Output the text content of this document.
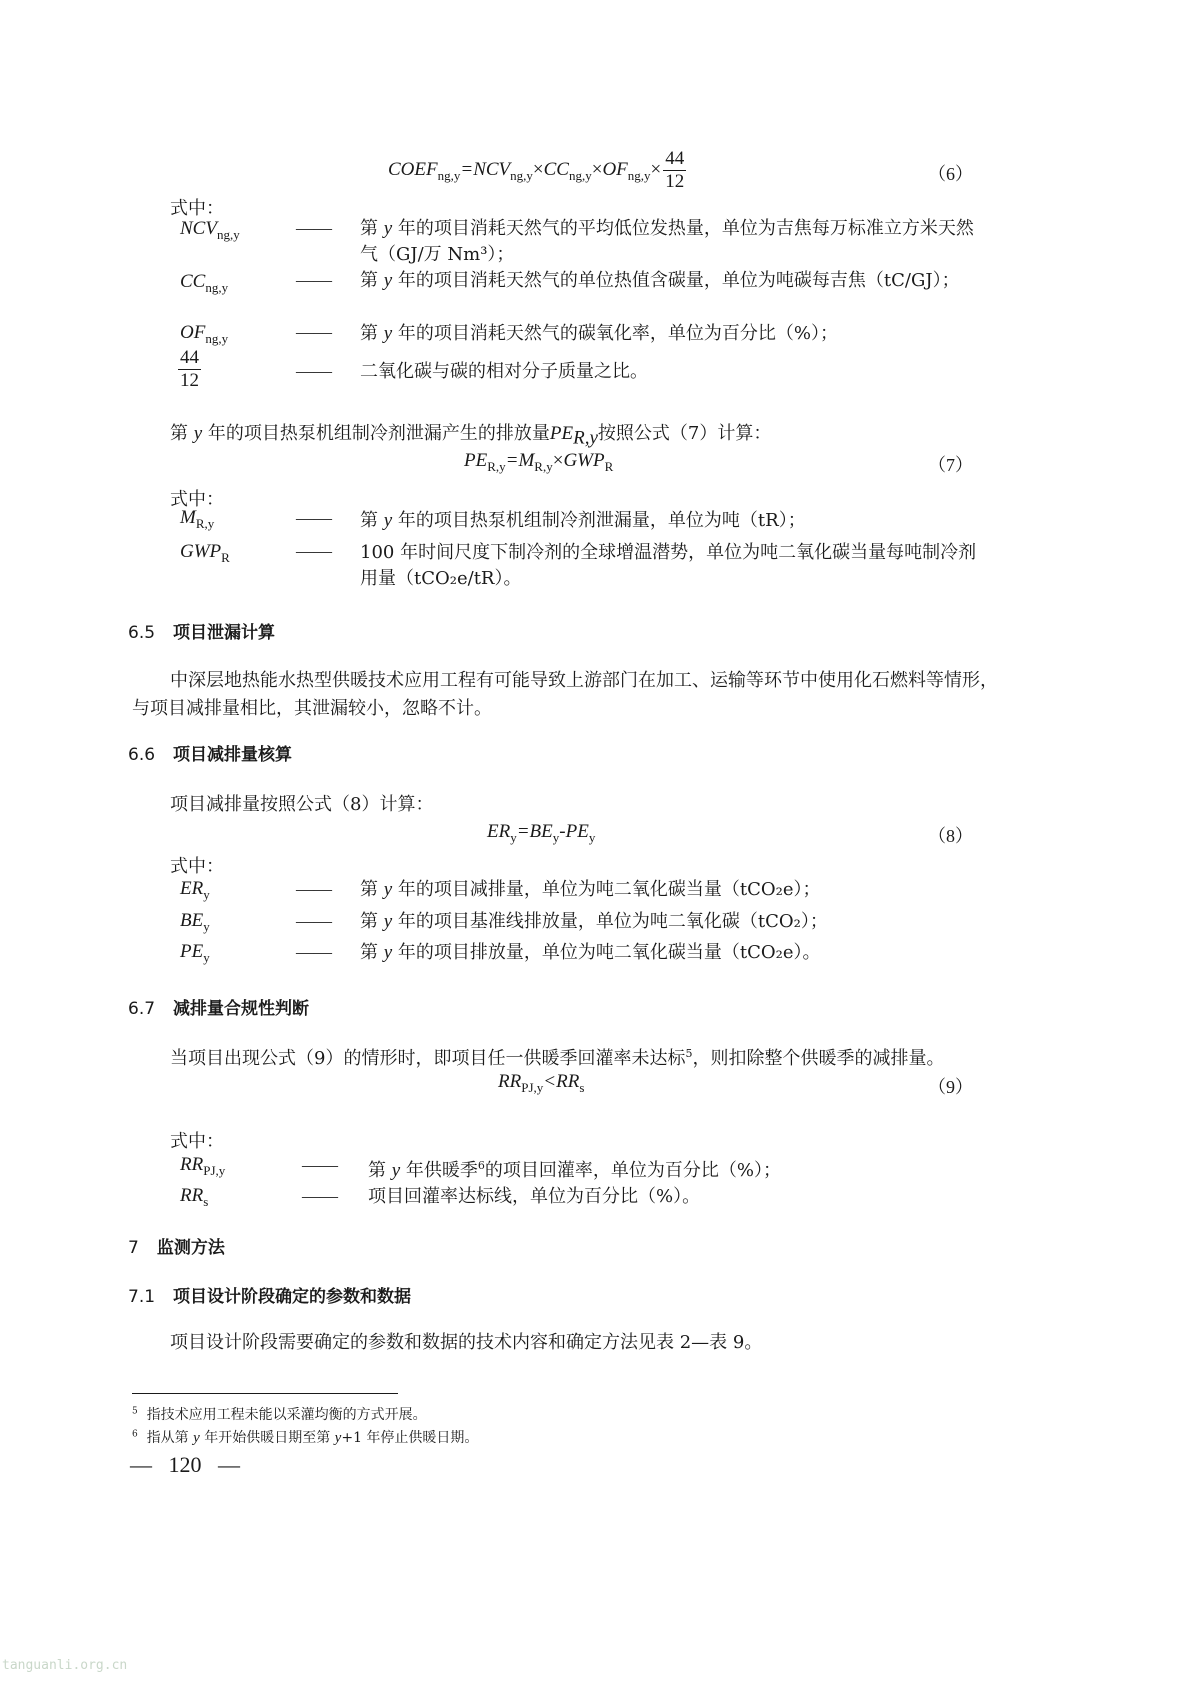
$COEF_{ng,y}=NCV_{ng,y}\times CC_{ng,y}\times OF_{ng,y}\times \frac{44}{12}$	（6）
式中：
$NCV_{ng,y}$	—— 第 y 年的项目消耗天然气的平均低位发热量，单位为吉焦每万标准立方米天然气（GJ/万 Nm³）；
$CC_{ng,y}$	—— 第 y 年的项目消耗天然气的单位热值含碳量，单位为吨碳每吉焦（tC/GJ）；
$OF_{ng,y}$	—— 第 y 年的项目消耗天然气的碳氧化率，单位为百分比（%）；
$\frac{44}{12}$	—— 二氧化碳与碳的相对分子质量之比。
第 y 年的项目热泵机组制冷剂泄漏产生的排放量$PE_{R,y}$按照公式（7）计算：
$PE_{R,y}=M_{R,y}\times GWP_R$	（7）
式中：
$M_{R,y}$	—— 第 y 年的项目热泵机组制冷剂泄漏量，单位为吨（tR）；
$GWP_R$	—— 100 年时间尺度下制冷剂的全球增温潜势，单位为吨二氧化碳当量每吨制冷剂用量（tCO₂e/tR）。
6.5 项目泄漏计算
中深层地热能水热型供暖技术应用工程有可能导致上游部门在加工、运输等环节中使用化石燃料等情形，与项目减排量相比，其泄漏较小，忽略不计。
6.6 项目减排量核算
项目减排量按照公式（8）计算：
$ER_y=BE_y-PE_y$	（8）
式中：
$ER_y$	—— 第 y 年的项目减排量，单位为吨二氧化碳当量（tCO₂e）；
$BE_y$	—— 第 y 年的项目基准线排放量，单位为吨二氧化碳（tCO₂）；
$PE_y$	—— 第 y 年的项目排放量，单位为吨二氧化碳当量（tCO₂e）。
6.7 减排量合规性判断
当项目出现公式（9）的情形时，即项目任一供暖季回灌率未达标$^5$，则扣除整个供暖季的减排量。
$RR_{PJ,y}<RR_s$	（9）
式中：
$RR_{PJ,y}$	—— 第 y 年供暖季$^6$的项目回灌率，单位为百分比（%）；
$RR_s$	—— 项目回灌率达标线，单位为百分比（%）。
7 监测方法
7.1 项目设计阶段确定的参数和数据
项目设计阶段需要确定的参数和数据的技术内容和确定方法见表 2—表 9。
$^5$ 指技术应用工程未能以采灌均衡的方式开展。
$^6$ 指从第 y 年开始供暖日期至第 y+1 年停止供暖日期。
— 120 —
tanguanli.org.cn
